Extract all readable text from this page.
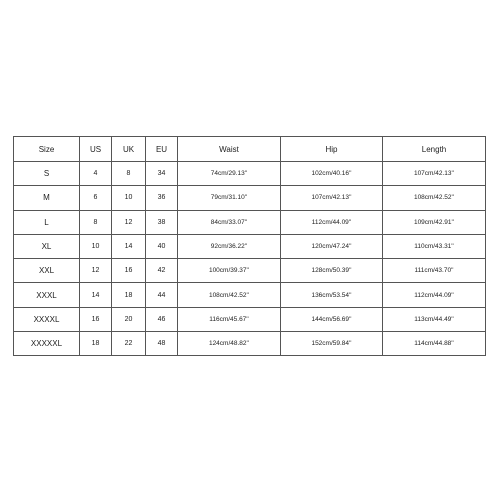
Size	US	UK	EU	Waist	Hip	Length
S	4	8	34	74cm/29.13''	102cm/40.16''	107cm/42.13''
M	6	10	36	79cm/31.10''	107cm/42.13''	108cm/42.52''
L	8	12	38	84cm/33.07''	112cm/44.09''	109cm/42.91''
XL	10	14	40	92cm/36.22''	120cm/47.24''	110cm/43.31''
XXL	12	16	42	100cm/39.37''	128cm/50.39''	111cm/43.70''
XXXL	14	18	44	108cm/42.52''	136cm/53.54''	112cm/44.09''
XXXXL	16	20	46	116cm/45.67''	144cm/56.69''	113cm/44.49''
XXXXXL	18	22	48	124cm/48.82''	152cm/59.84''	114cm/44.88''
